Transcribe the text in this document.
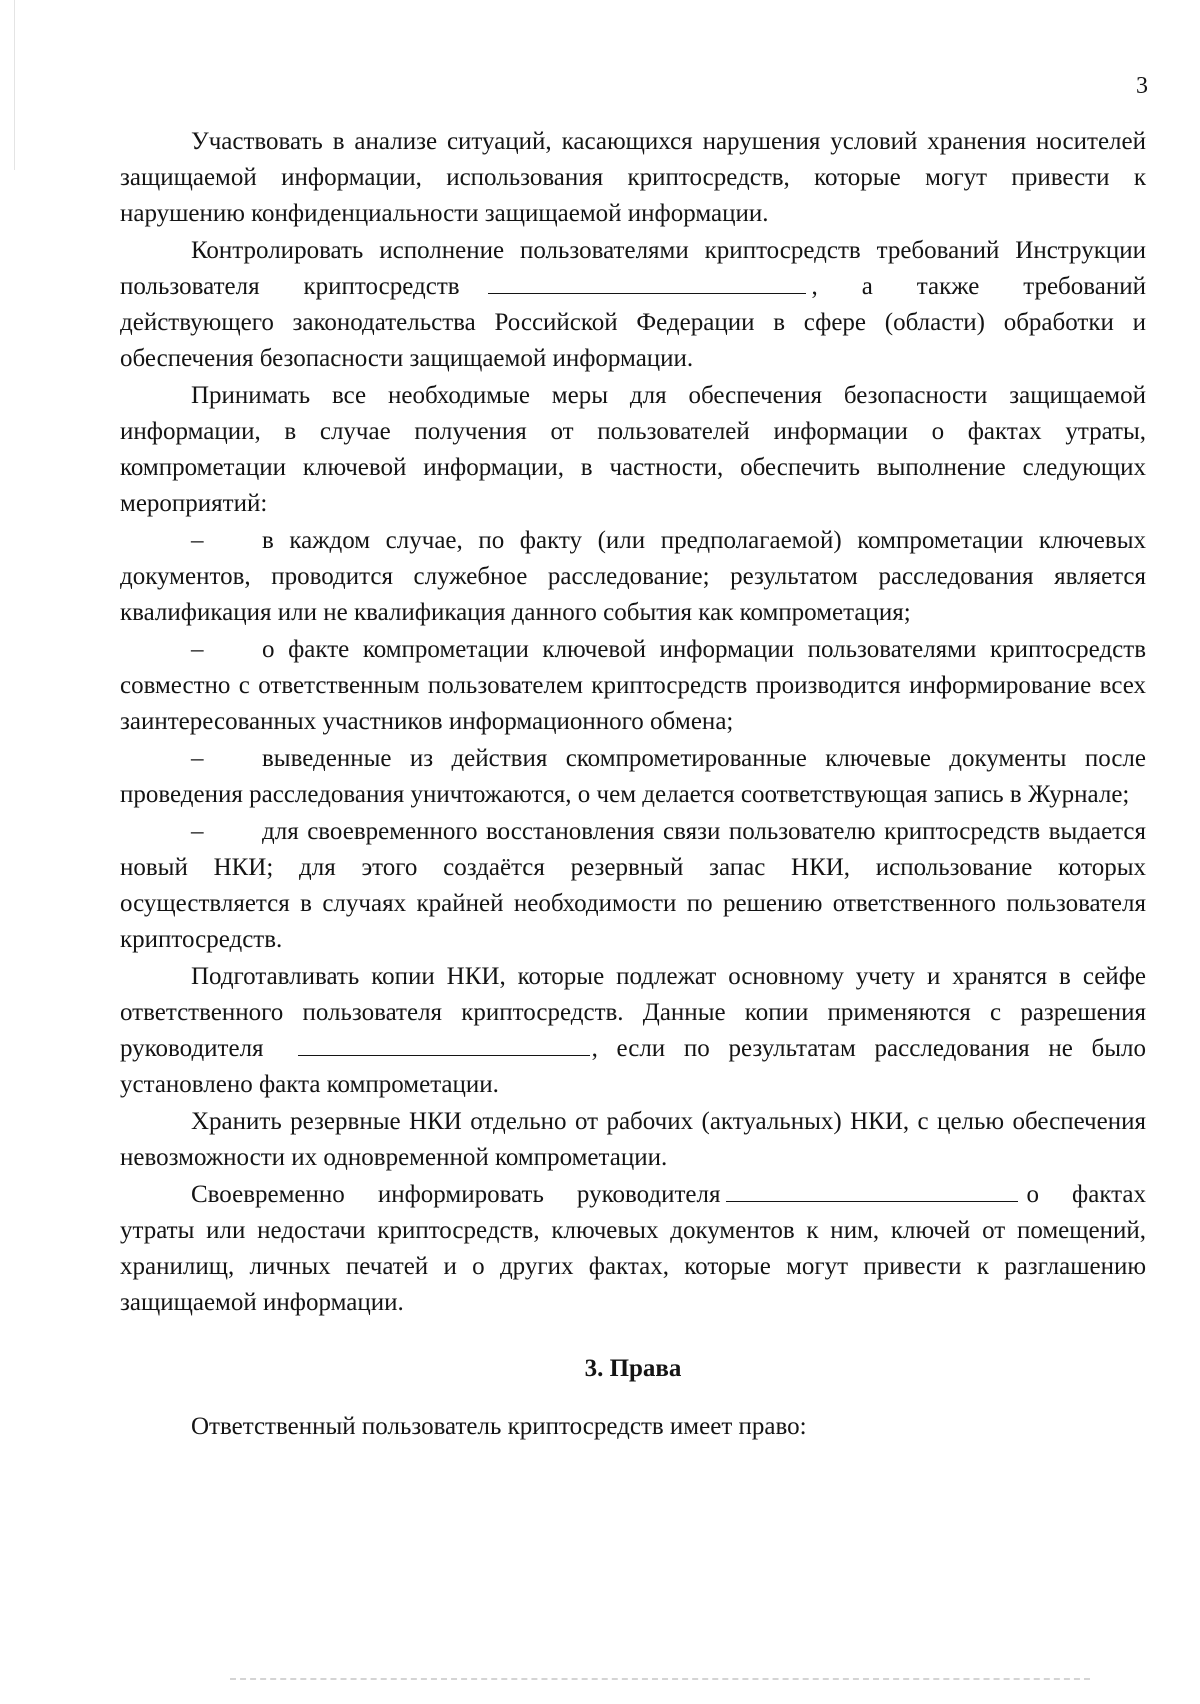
3

Участвовать в анализе ситуаций, касающихся нарушения условий хранения носителей защищаемой информации, использования криптосредств, которые могут привести к нарушению конфиденциальности защищаемой информации.

Контролировать исполнение пользователями криптосредств требований Инструкции пользователя криптосредств	, а также требований действующего законодательства Российской Федерации в сфере (области) обработки и обеспечения безопасности защищаемой информации.

Принимать все необходимые меры для обеспечения безопасности защищаемой информации, в случае получения от пользователей информации о фактах утраты, компрометации ключевой информации, в частности, обеспечить выполнение следующих мероприятий:

– в каждом случае, по факту (или предполагаемой) компрометации ключевых документов, проводится служебное расследование; результатом расследования является квалификация или не квалификация данного события как компрометация;

– о факте компрометации ключевой информации пользователями криптосредств совместно с ответственным пользователем криптосредств производится информирование всех заинтересованных участников информационного обмена;

– выведенные из действия скомпрометированные ключевые документы после проведения расследования уничтожаются, о чем делается соответствующая запись в Журнале;

– для своевременного восстановления связи пользователю криптосредств выдается новый НКИ; для этого создаётся резервный запас НКИ, использование которых осуществляется в случаях крайней необходимости по решению ответственного пользователя криптосредств.

Подготавливать копии НКИ, которые подлежат основному учету и хранятся в сейфе ответственного пользователя криптосредств. Данные копии применяются с разрешения руководителя	, если по результатам расследования не было установлено факта компрометации.

Хранить резервные НКИ отдельно от рабочих (актуальных) НКИ, с целью обеспечения невозможности их одновременной компрометации.

Своевременно информировать руководителя	о фактах утраты или недостачи криптосредств, ключевых документов к ним, ключей от помещений, хранилищ, личных печатей и о других фактах, которые могут привести к разглашению защищаемой информации.

3. Права

Ответственный пользователь криптосредств имеет право:
